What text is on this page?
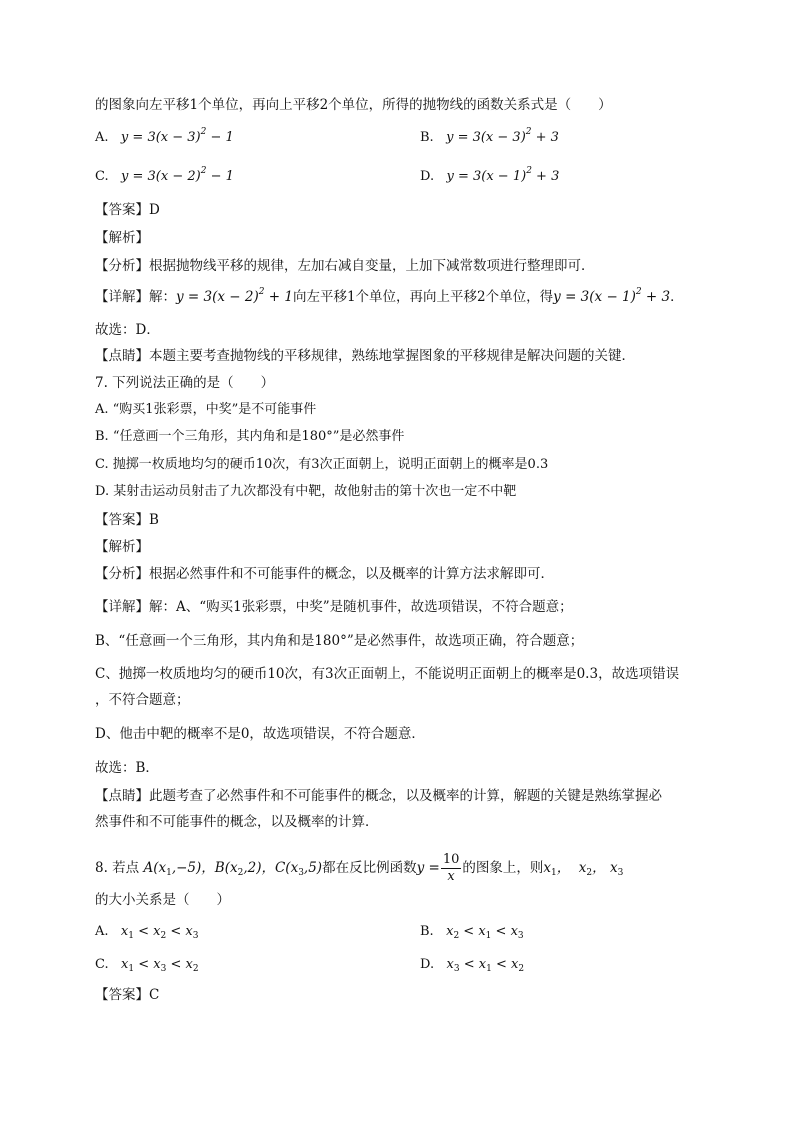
的图象向左平移1个单位，再向上平移2个单位，所得的抛物线的函数关系式是（　　）
A.   $y = 3(x - 3)^2 - 1$	B.   $y = 3(x - 3)^2 + 3$
C.   $y = 3(x - 2)^2 - 1$	D.   $y = 3(x - 1)^2 + 3$
【答案】D
【解析】
【分析】根据抛物线平移的规律，左加右减自变量，上加下减常数项进行整理即可．
【详解】解：$y = 3(x - 2)^2 + 1$向左平移1个单位，再向上平移2个单位，得$y = 3(x - 1)^2 + 3$．
故选：D．
【点睛】本题主要考查抛物线的平移规律，熟练地掌握图象的平移规律是解决问题的关键．
7. 下列说法正确的是（　　）
A. “购买1张彩票，中奖”是不可能事件
B. “任意画一个三角形，其内角和是180°”是必然事件
C. 抛掷一枚质地均匀的硬币10次，有3次正面朝上，说明正面朝上的概率是0.3
D. 某射击运动员射击了九次都没有中靶，故他射击的第十次也一定不中靶
【答案】B
【解析】
【分析】根据必然事件和不可能事件的概念，以及概率的计算方法求解即可．
【详解】解：A、“购买1张彩票，中奖”是随机事件，故选项错误，不符合题意；
B、“任意画一个三角形，其内角和是180°”是必然事件，故选项正确，符合题意；
C、抛掷一枚质地均匀的硬币10次，有3次正面朝上，不能说明正面朝上的概率是0.3，故选项错误
，不符合题意；
D、他击中靶的概率不是0，故选项错误，不符合题意．
故选：B．
【点睛】此题考查了必然事件和不可能事件的概念，以及概率的计算，解题的关键是熟练掌握必
然事件和不可能事件的概念，以及概率的计算．
8. 若点 $A(x_1,-5)$，$B(x_2,2)$，$C(x_3,5)$都在反比例函数$y = \frac{10}{x}$ 的图象上，则$x_1$，  $x_2$， $x_3$
的大小关系是（　　）
A.   $x_1 < x_2 < x_3$	B.   $x_2 < x_1 < x_3$
C.   $x_1 < x_3 < x_2$	D.   $x_3 < x_1 < x_2$
【答案】C
